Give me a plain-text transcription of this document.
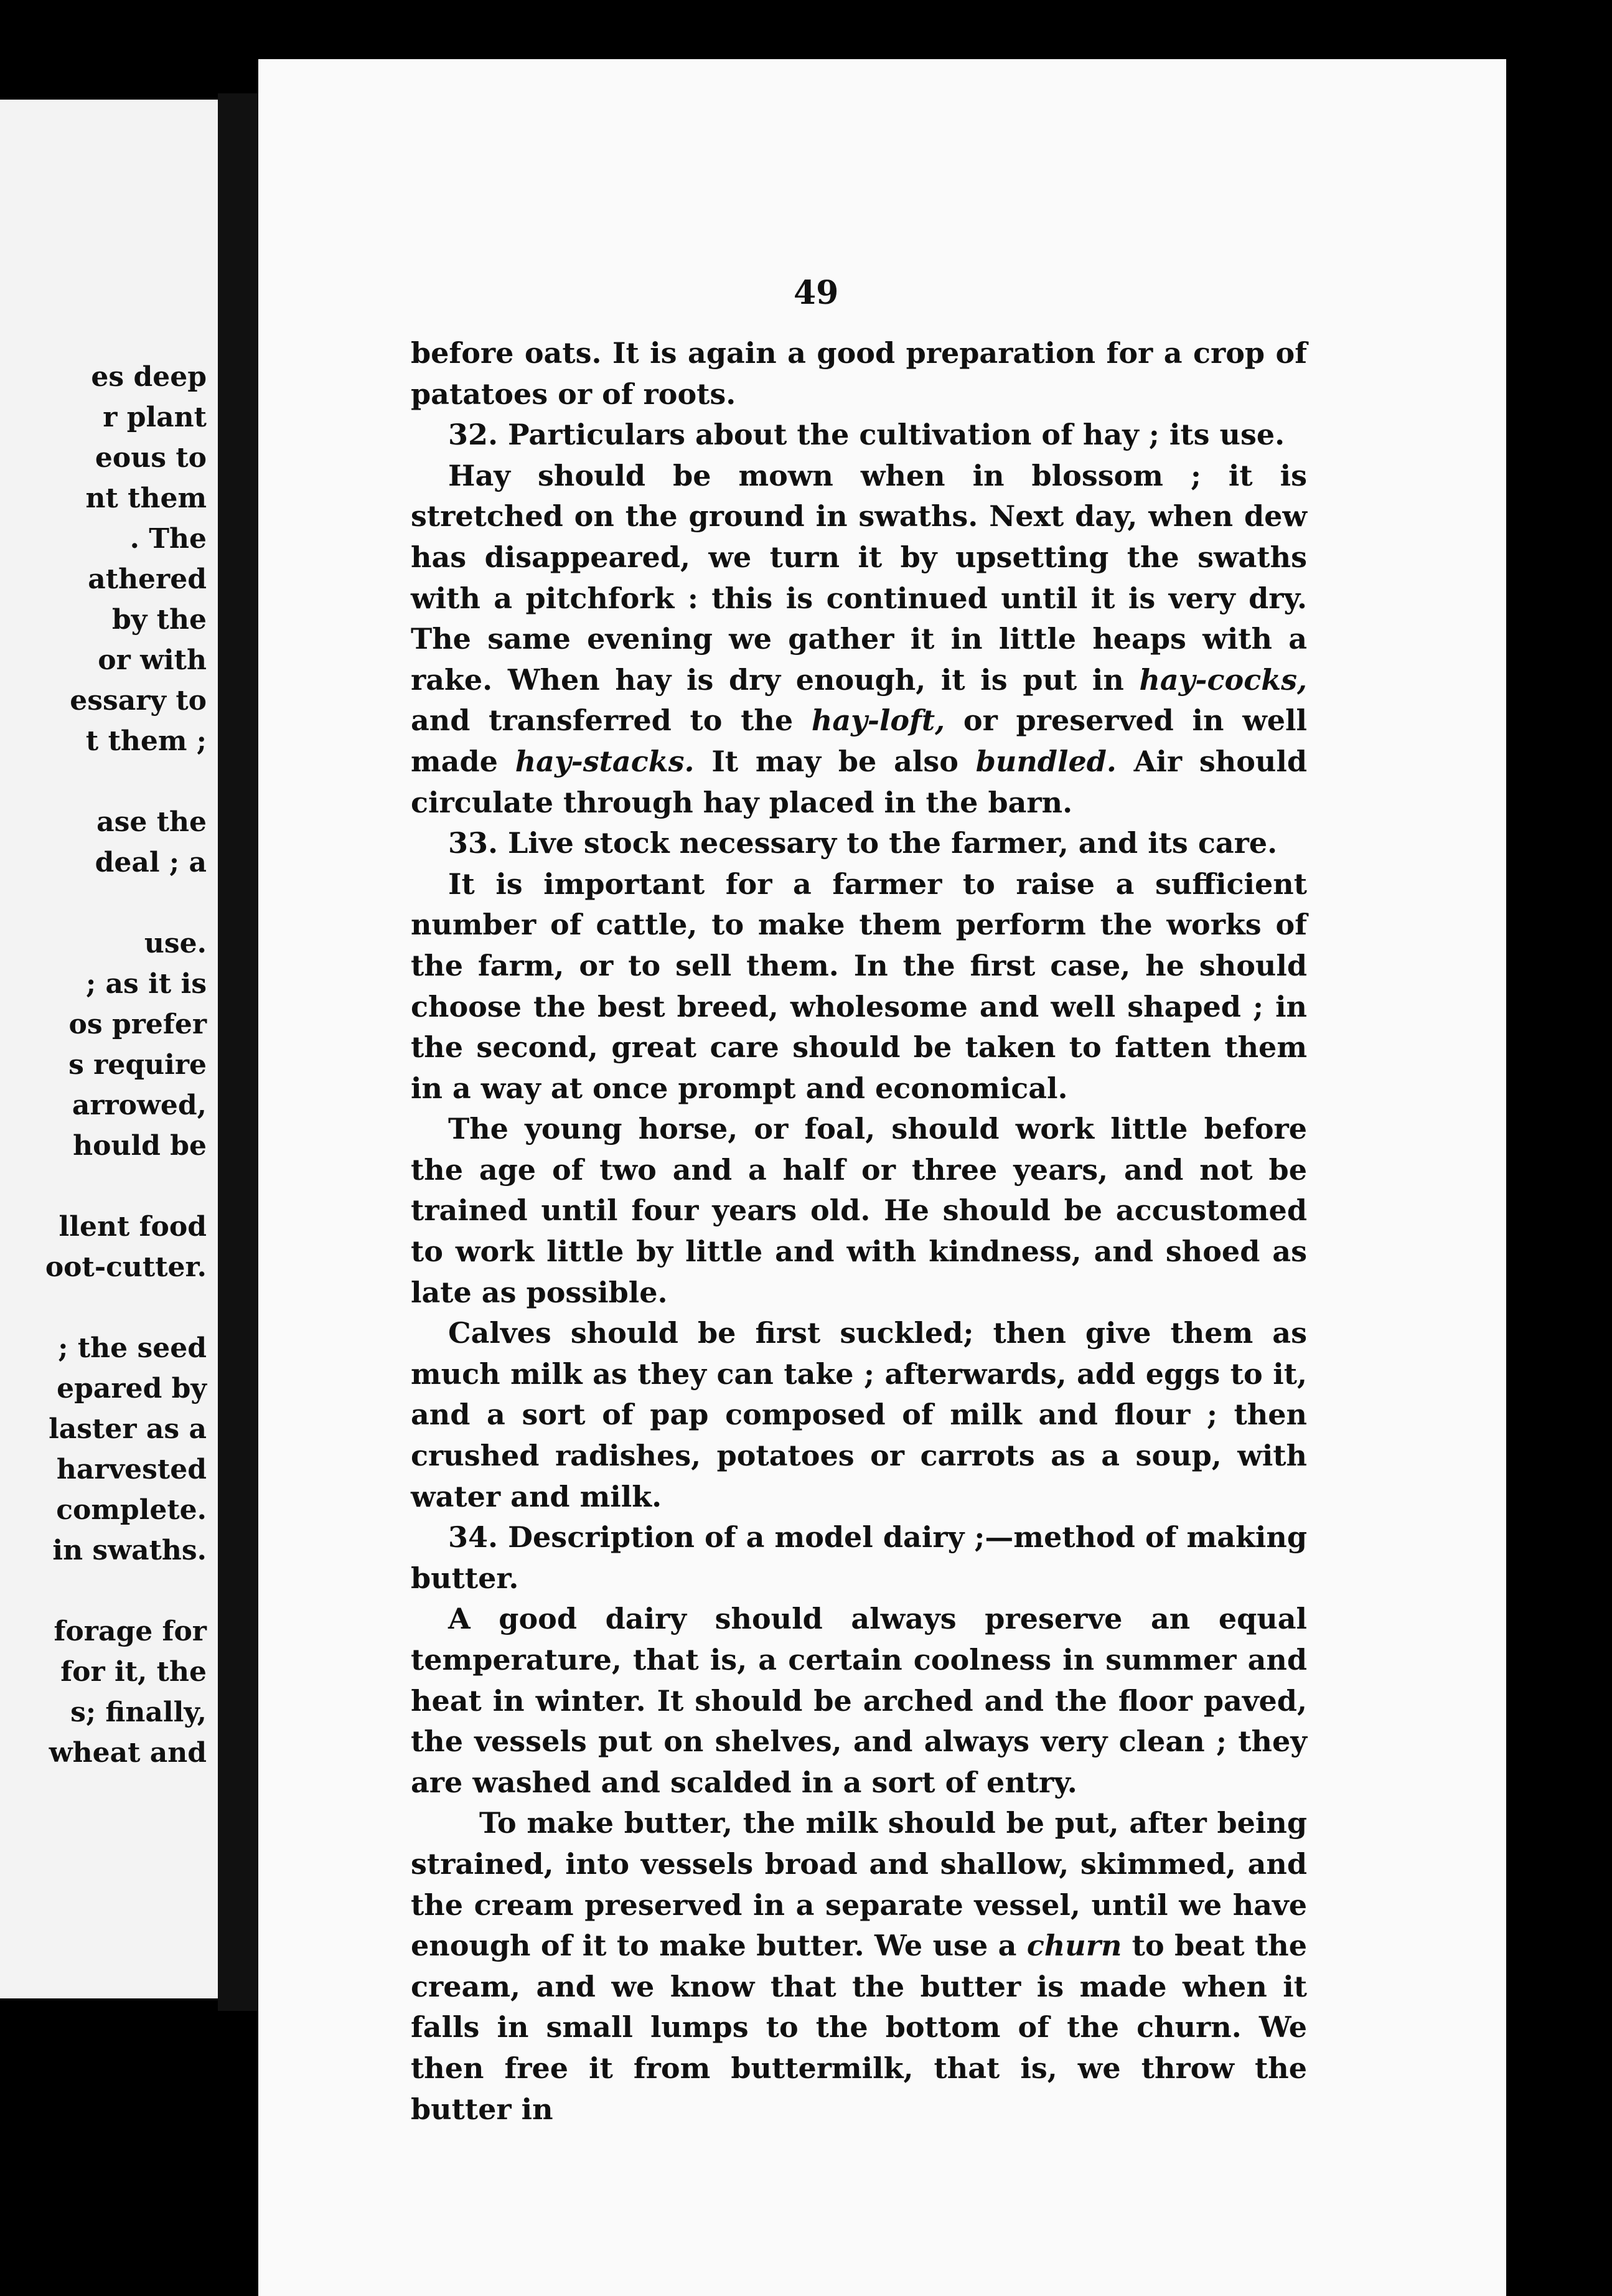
es deep
r plant
eous to
nt them
. The
athered
by the
or with
essary to
t them ;
ase the
deal ; a
use.
; as it is
os prefer
s require
arrowed,
hould be
llent food
oot-cutter.
; the seed
epared by
laster as a
harvested
complete.
in swaths.
forage for
for it, the
s; finally,
wheat and
49

before oats. It is again a good preparation for a crop of patatoes or of roots.

32. Particulars about the cultivation of hay ; its use.

Hay should be mown when in blossom ; it is stretched on the ground in swaths. Next day, when dew has disappeared, we turn it by upsetting the swaths with a pitchfork : this is continued until it is very dry. The same evening we gather it in little heaps with a rake. When hay is dry enough, it is put in hay-cocks, and transferred to the hay-loft, or preserved in well made hay-stacks. It may be also bundled. Air should circulate through hay placed in the barn.

33. Live stock necessary to the farmer, and its care.

It is important for a farmer to raise a sufficient number of cattle, to make them perform the works of the farm, or to sell them. In the first case, he should choose the best breed, wholesome and well shaped ; in the second, great care should be taken to fatten them in a way at once prompt and economical.

The young horse, or foal, should work little before the age of two and a half or three years, and not be trained until four years old. He should be accustomed to work little by little and with kindness, and shoed as late as possible.

Calves should be first suckled; then give them as much milk as they can take ; afterwards, add eggs to it, and a sort of pap composed of milk and flour ; then crushed radishes, potatoes or carrots as a soup, with water and milk.

34. Description of a model dairy ;—method of making butter.

A good dairy should always preserve an equal temperature, that is, a certain coolness in summer and heat in winter. It should be arched and the floor paved, the vessels put on shelves, and always very clean ; they are washed and scalded in a sort of entry.

To make butter, the milk should be put, after being strained, into vessels broad and shallow, skimmed, and the cream preserved in a separate vessel, until we have enough of it to make butter. We use a churn to beat the cream, and we know that the butter is made when it falls in small lumps to the bottom of the churn. We then free it from buttermilk, that is, we throw the butter in
